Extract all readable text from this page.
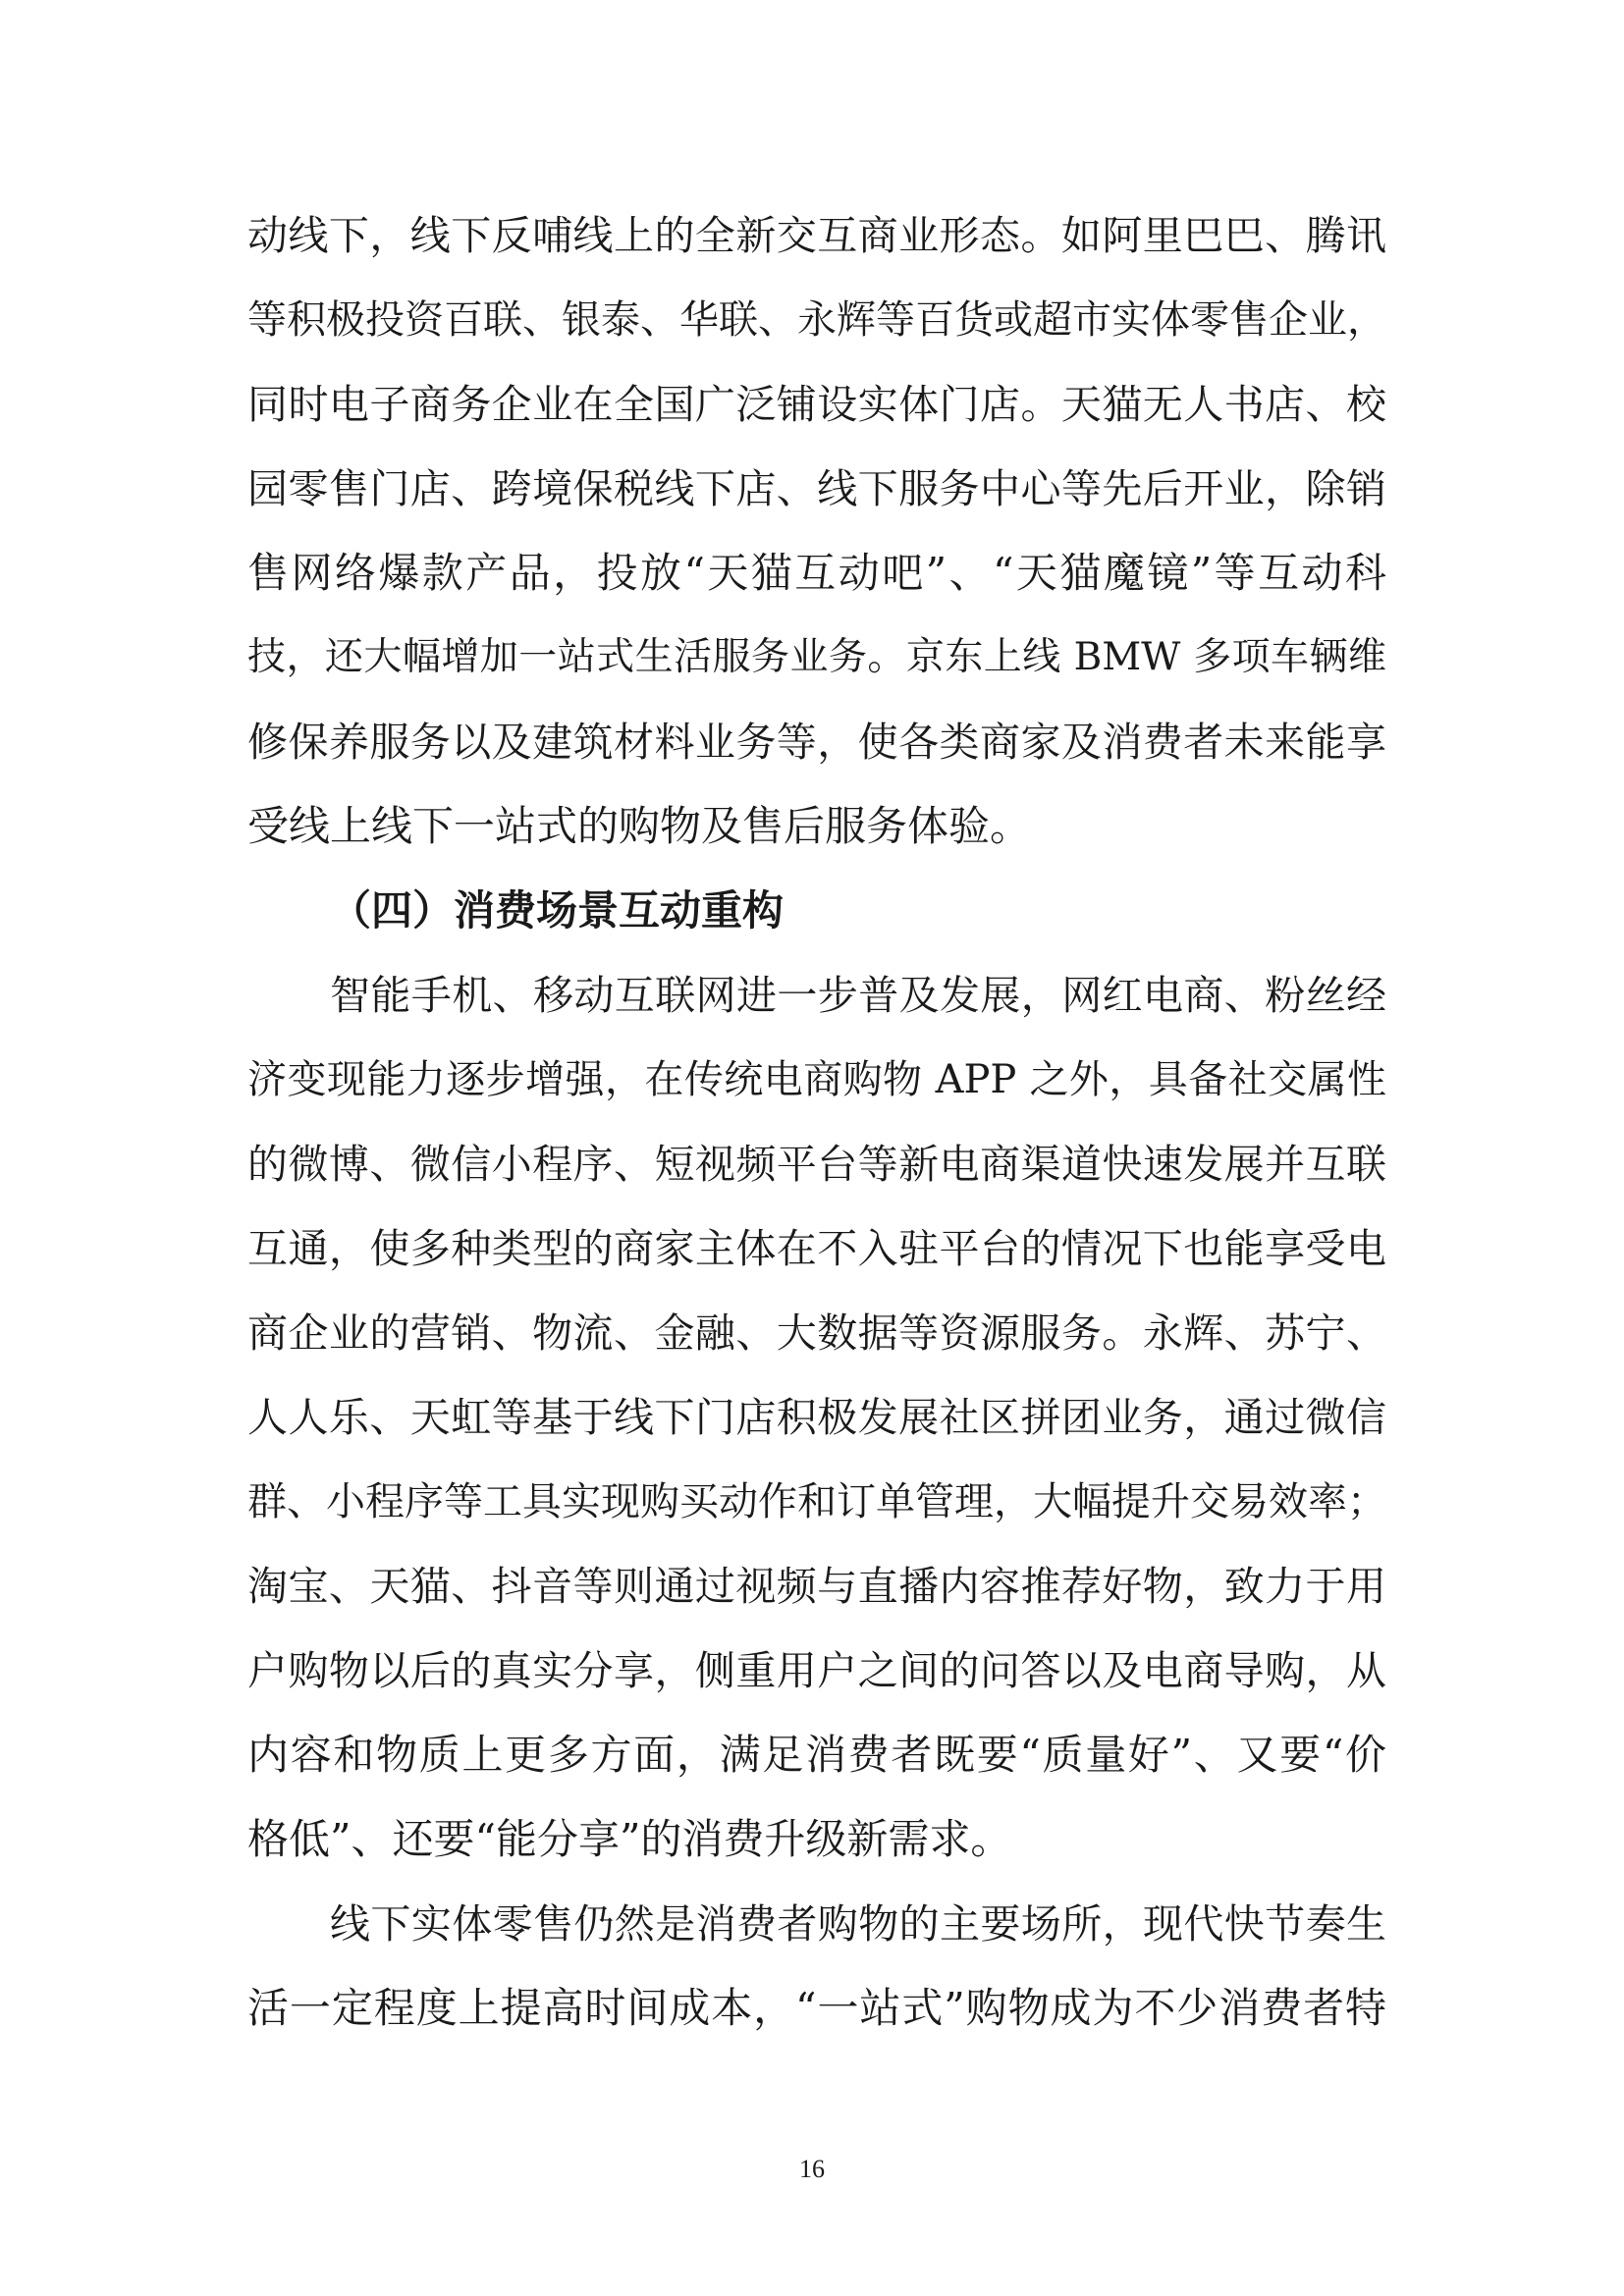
动线下，线下反哺线上的全新交互商业形态。如阿里巴巴、腾讯
等积极投资百联、银泰、华联、永辉等百货或超市实体零售企业，
同时电子商务企业在全国广泛铺设实体门店。天猫无人书店、校
园零售门店、跨境保税线下店、线下服务中心等先后开业，除销
售网络爆款产品，投放“天猫互动吧”、“天猫魔镜”等互动科
技，还大幅增加一站式生活服务业务。京东上线 BMW 多项车辆维
修保养服务以及建筑材料业务等，使各类商家及消费者未来能享
受线上线下一站式的购物及售后服务体验。
（四）消费场景互动重构
智能手机、移动互联网进一步普及发展，网红电商、粉丝经
济变现能力逐步增强，在传统电商购物 APP 之外，具备社交属性
的微博、微信小程序、短视频平台等新电商渠道快速发展并互联
互通，使多种类型的商家主体在不入驻平台的情况下也能享受电
商企业的营销、物流、金融、大数据等资源服务。永辉、苏宁、
人人乐、天虹等基于线下门店积极发展社区拼团业务，通过微信
群、小程序等工具实现购买动作和订单管理，大幅提升交易效率；
淘宝、天猫、抖音等则通过视频与直播内容推荐好物，致力于用
户购物以后的真实分享，侧重用户之间的问答以及电商导购，从
内容和物质上更多方面，满足消费者既要“质量好”、又要“价
格低”、还要“能分享”的消费升级新需求。
线下实体零售仍然是消费者购物的主要场所，现代快节奏生
活一定程度上提高时间成本，“一站式”购物成为不少消费者特
16
